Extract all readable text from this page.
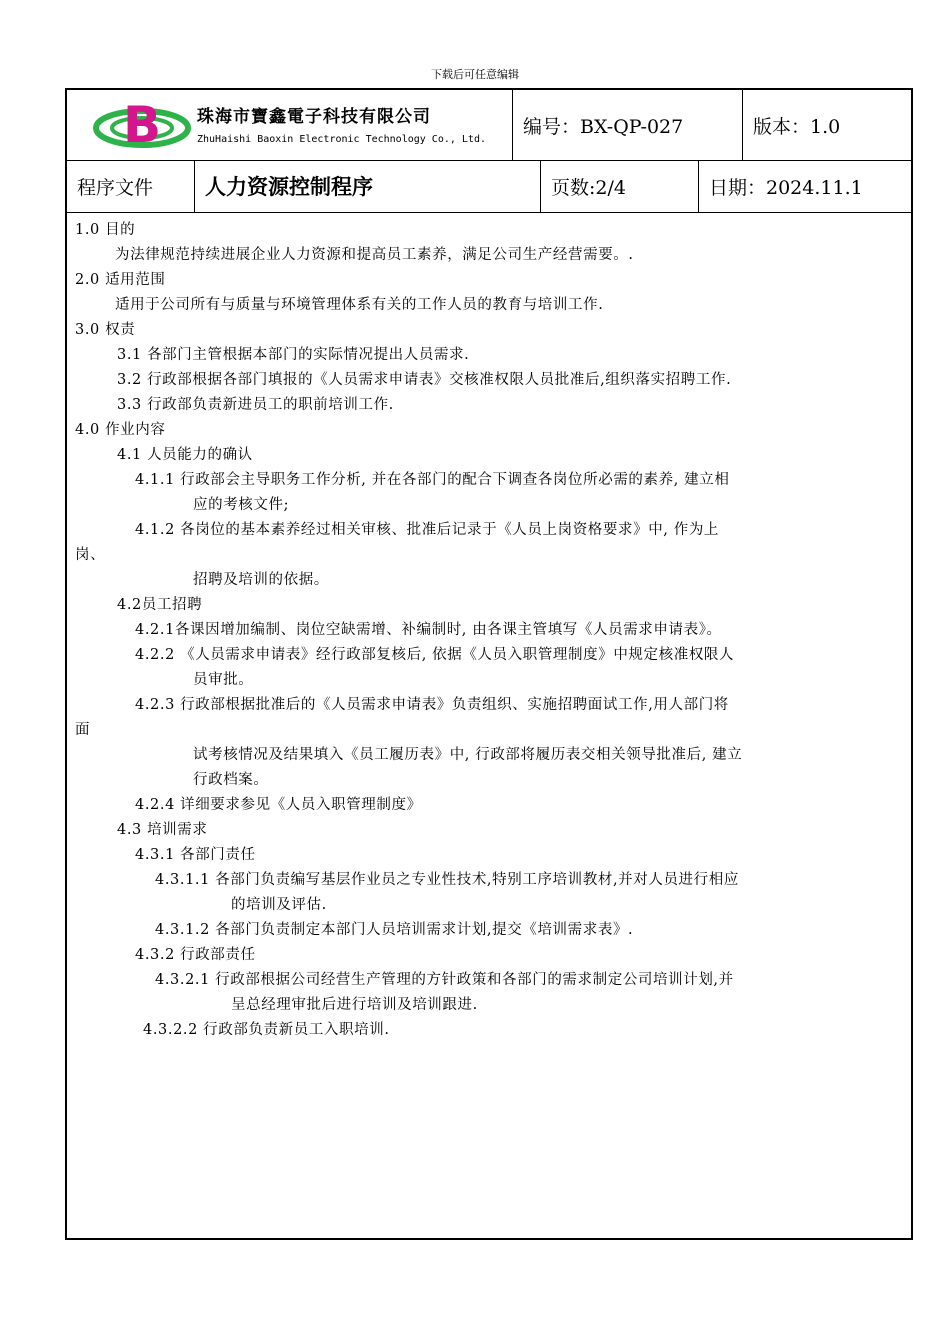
下载后可任意编辑
B 珠海市寶鑫電子科技有限公司
ZhuHaishi Baoxin Electronic Technology Co., Ltd.
编号：BX-QP-027	版本：1.0
程序文件	人力资源控制程序	页数:2/4	日期：2024.11.1
1.0 目的
为法律规范持续进展企业人力资源和提高员工素养，满足公司生产经营需要。.
2.0 适用范围
适用于公司所有与质量与环境管理体系有关的工作人员的教育与培训工作.
3.0 权责
3.1 各部门主管根据本部门的实际情况提出人员需求.
3.2 行政部根据各部门填报的《人员需求申请表》交核准权限人员批准后,组织落实招聘工作.
3.3 行政部负责新进员工的职前培训工作.
4.0 作业内容
4.1 人员能力的确认
4.1.1 行政部会主导职务工作分析, 并在各部门的配合下调查各岗位所必需的素养, 建立相
应的考核文件;
4.1.2 各岗位的基本素养经过相关审核、批准后记录于《人员上岗资格要求》中, 作为上
岗、
招聘及培训的依据。
4.2员工招聘
4.2.1各课因增加编制、岗位空缺需增、补编制时, 由各课主管填写《人员需求申请表》。
4.2.2 《人员需求申请表》经行政部复核后, 依据《人员入职管理制度》中规定核准权限人
员审批。
4.2.3 行政部根据批准后的《人员需求申请表》负责组织、实施招聘面试工作,用人部门将
面
试考核情况及结果填入《员工履历表》中, 行政部将履历表交相关领导批准后, 建立
行政档案。
4.2.4 详细要求参见《人员入职管理制度》
4.3 培训需求
4.3.1 各部门责任
4.3.1.1 各部门负责编写基层作业员之专业性技术,特别工序培训教材,并对人员进行相应
的培训及评估.
4.3.1.2 各部门负责制定本部门人员培训需求计划,提交《培训需求表》.
4.3.2 行政部责任
4.3.2.1 行政部根据公司经营生产管理的方针政策和各部门的需求制定公司培训计划,并
呈总经理审批后进行培训及培训跟进.
4.3.2.2 行政部负责新员工入职培训.
